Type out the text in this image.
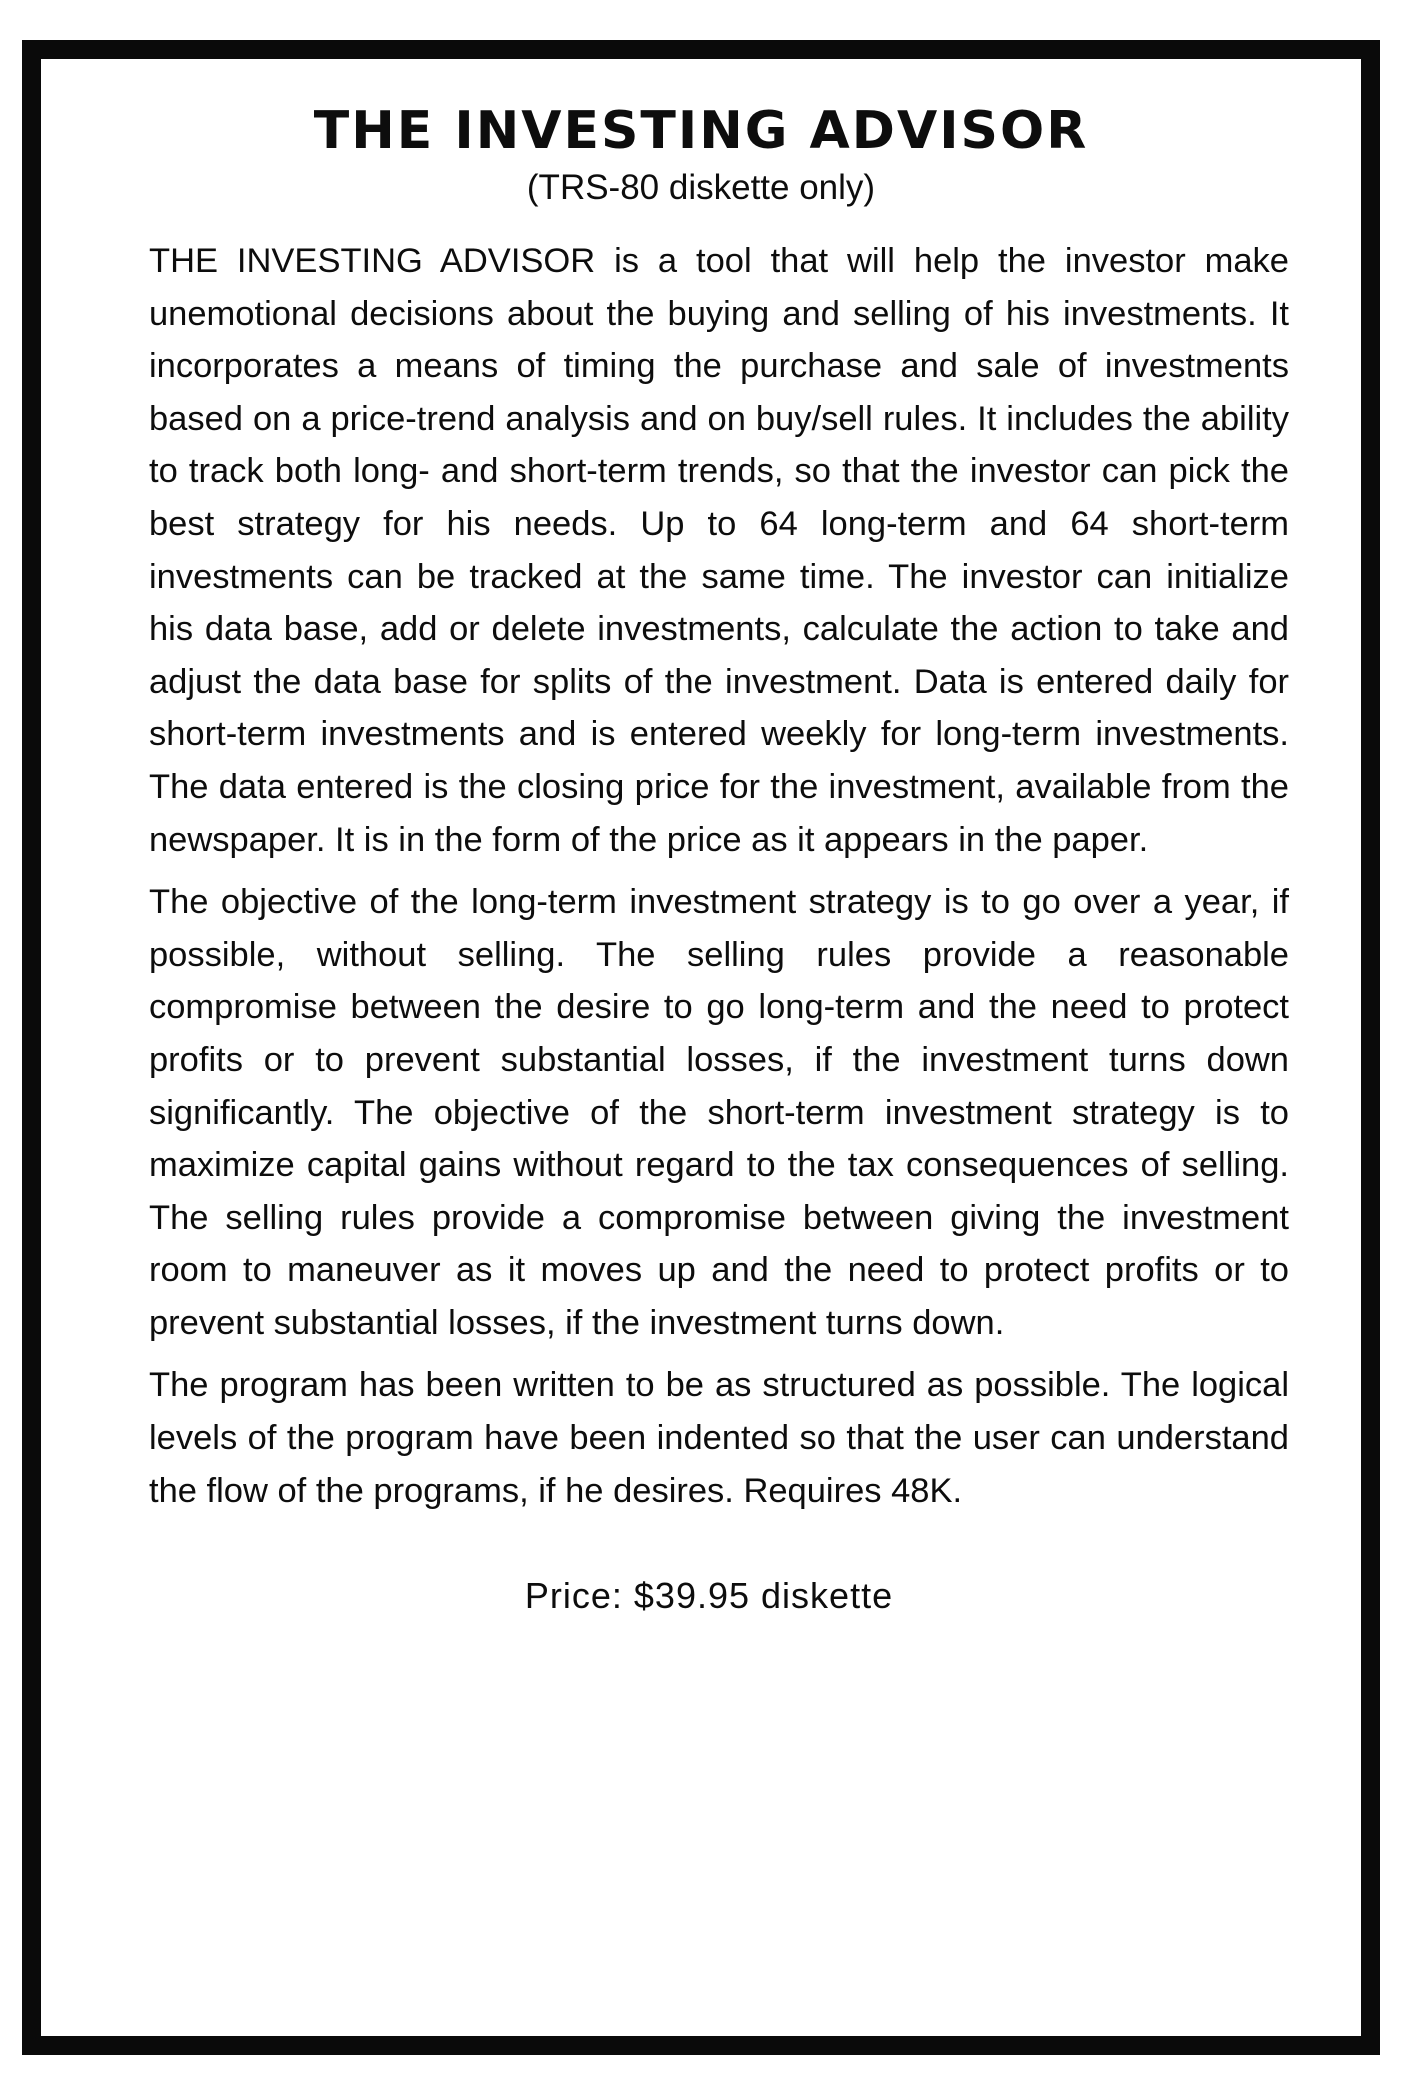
THE INVESTING ADVISOR
(TRS-80 diskette only)

THE INVESTING ADVISOR is a tool that will help the investor make unemotional decisions about the buying and selling of his investments. It incorporates a means of timing the purchase and sale of investments based on a price-trend analysis and on buy/sell rules. It includes the ability to track both long- and short-term trends, so that the investor can pick the best strategy for his needs. Up to 64 long-term and 64 short-term investments can be tracked at the same time. The investor can initialize his data base, add or delete investments, calculate the action to take and adjust the data base for splits of the investment. Data is entered daily for short-term investments and is entered weekly for long-term investments. The data entered is the closing price for the investment, available from the newspaper. It is in the form of the price as it appears in the paper.

The objective of the long-term investment strategy is to go over a year, if possible, without selling. The selling rules provide a reasonable compromise between the desire to go long-term and the need to protect profits or to prevent substantial losses, if the investment turns down significantly. The objective of the short-term investment strategy is to maximize capital gains without regard to the tax consequences of selling. The selling rules provide a compromise between giving the investment room to maneuver as it moves up and the need to protect profits or to prevent substantial losses, if the investment turns down.

The program has been written to be as structured as possible. The logical levels of the program have been indented so that the user can understand the flow of the programs, if he desires. Requires 48K.

Price: $39.95 diskette
